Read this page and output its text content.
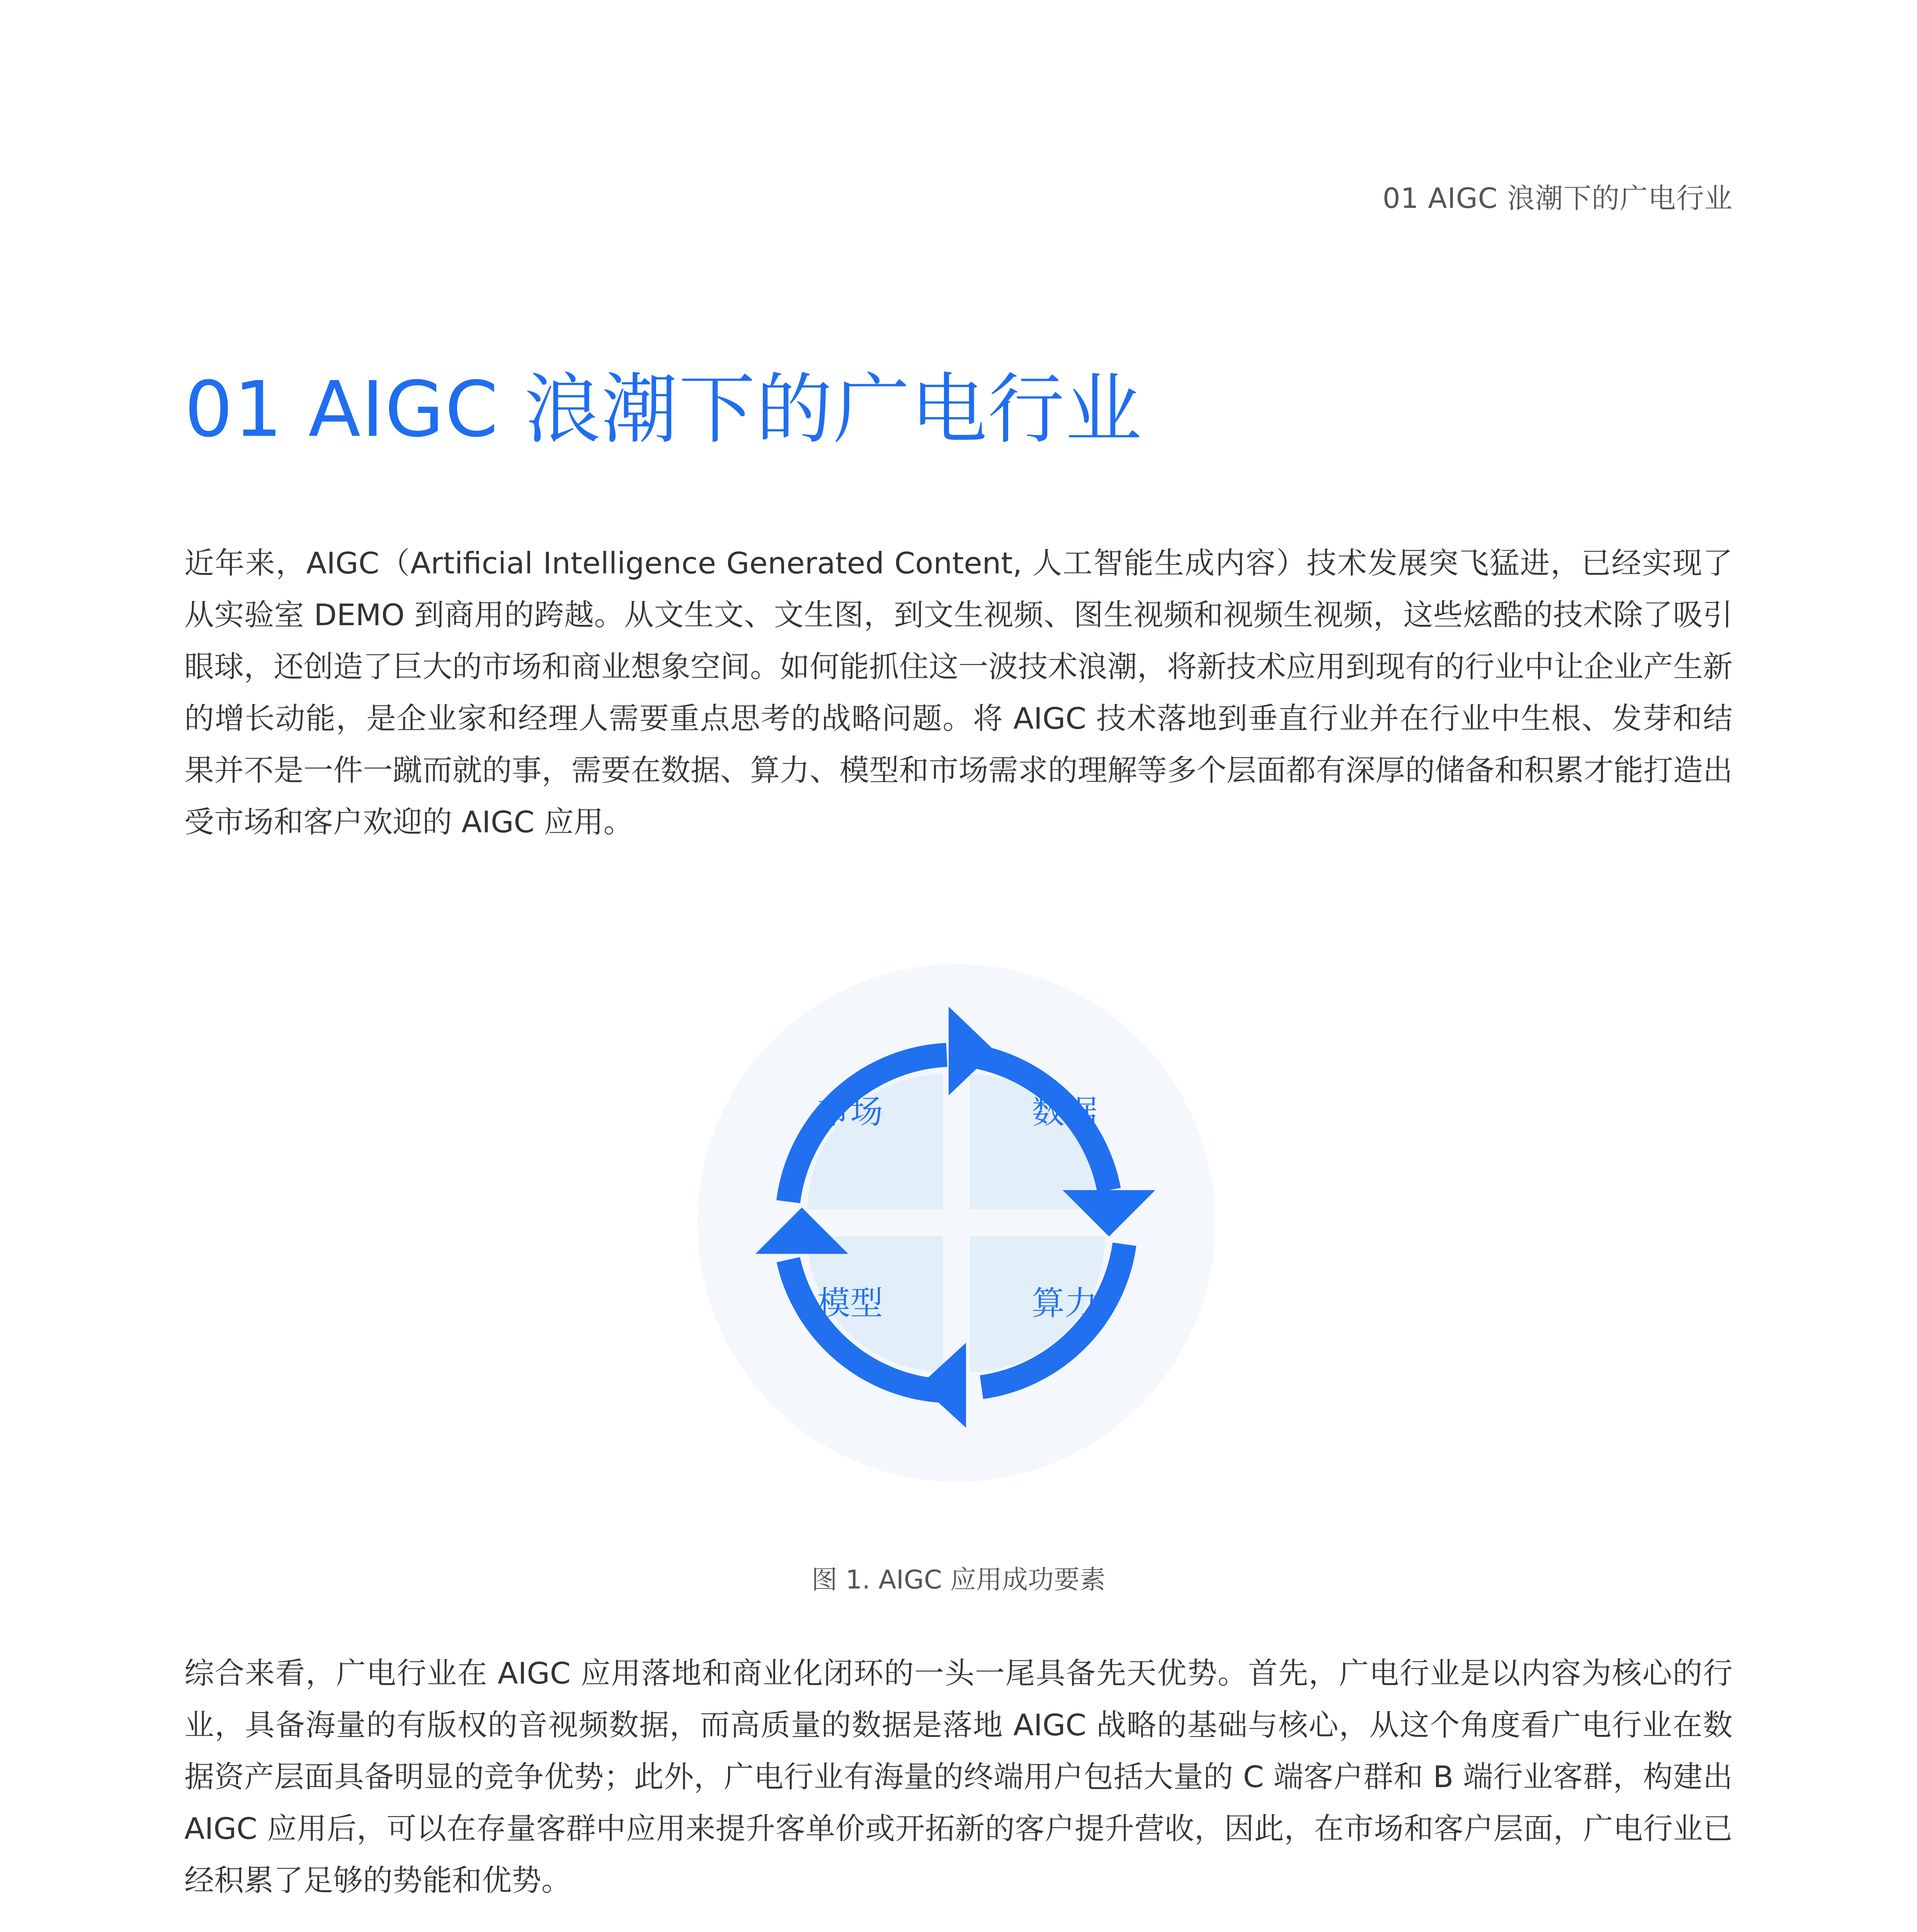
01 AIGC 浪潮下的广电行业
01 AIGC 浪潮下的广电行业

近年来，AIGC（Artificial Intelligence Generated Content, 人工智能生成内容）技术发展突飞猛进，已经实现了从实验室 DEMO 到商用的跨越。从文生文、文生图，到文生视频、图生视频和视频生视频，这些炫酷的技术除了吸引眼球，还创造了巨大的市场和商业想象空间。如何能抓住这一波技术浪潮，将新技术应用到现有的行业中让企业产生新的增长动能，是企业家和经理人需要重点思考的战略问题。将 AIGC 技术落地到垂直行业并在行业中生根、发芽和结果并不是一件一蹴而就的事，需要在数据、算力、模型和市场需求的理解等多个层面都有深厚的储备和积累才能打造出受市场和客户欢迎的 AIGC 应用。

市场	数据
模型	算力
图 1. AIGC 应用成功要素

综合来看，广电行业在 AIGC 应用落地和商业化闭环的一头一尾具备先天优势。首先，广电行业是以内容为核心的行业，具备海量的有版权的音视频数据，而高质量的数据是落地 AIGC 战略的基础与核心，从这个角度看广电行业在数据资产层面具备明显的竞争优势；此外，广电行业有海量的终端用户包括大量的 C 端客户群和 B 端行业客群，构建出 AIGC 应用后，可以在存量客群中应用来提升客单价或开拓新的客户提升营收，因此，在市场和客户层面，广电行业已经积累了足够的势能和优势。
